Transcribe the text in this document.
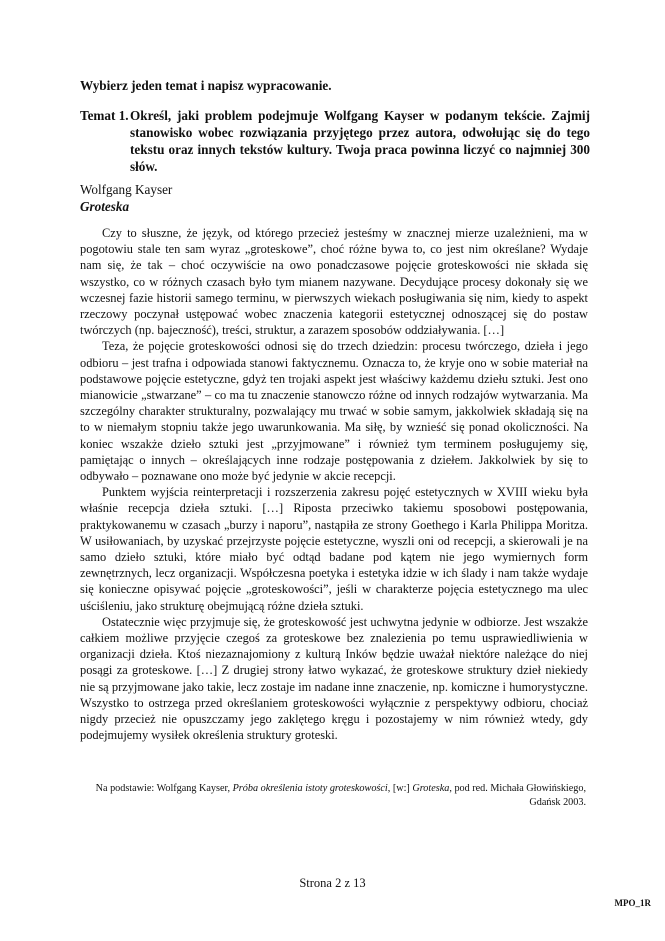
Wybierz jeden temat i napisz wypracowanie.
Temat 1. Określ, jaki problem podejmuje Wolfgang Kayser w podanym tekście. Zajmij stanowisko wobec rozwiązania przyjętego przez autora, odwołując się do tego tekstu oraz innych tekstów kultury. Twoja praca powinna liczyć co najmniej 300 słów.
Wolfgang Kayser
Groteska

Czy to słuszne, że język, od którego przecież jesteśmy w znacznej mierze uzależnieni, ma w pogotowiu stale ten sam wyraz „groteskowe”, choć różne bywa to, co jest nim określane? Wydaje nam się, że tak – choć oczywiście na owo ponadczasowe pojęcie groteskowości nie składa się wszystko, co w różnych czasach było tym mianem nazywane. Decydujące procesy dokonały się we wczesnej fazie historii samego terminu, w pierwszych wiekach posługiwania się nim, kiedy to aspekt rzeczowy poczynał ustępować wobec znaczenia kategorii estetycznej odnoszącej się do postaw twórczych (np. bajeczność), treści, struktur, a zarazem sposobów oddziaływania. […]

Teza, że pojęcie groteskowości odnosi się do trzech dziedzin: procesu twórczego, dzieła i jego odbioru – jest trafna i odpowiada stanowi faktycznemu. Oznacza to, że kryje ono w sobie materiał na podstawowe pojęcie estetyczne, gdyż ten trojaki aspekt jest właściwy każdemu dziełu sztuki. Jest ono mianowicie „stwarzane” – co ma tu znaczenie stanowczo różne od innych rodzajów wytwarzania. Ma szczególny charakter strukturalny, pozwalający mu trwać w sobie samym, jakkolwiek składają się na to w niemałym stopniu także jego uwarunkowania. Ma siłę, by wznieść się ponad okoliczności. Na koniec wszakże dzieło sztuki jest „przyjmowane” i również tym terminem posługujemy się, pamiętając o innych – określających inne rodzaje postępowania z dziełem. Jakkolwiek by się to odbywało – poznawane ono może być jedynie w akcie recepcji.

Punktem wyjścia reinterpretacji i rozszerzenia zakresu pojęć estetycznych w XVIII wieku była właśnie recepcja dzieła sztuki. […] Riposta przeciwko takiemu sposobowi postępowania, praktykowanemu w czasach „burzy i naporu”, nastąpiła ze strony Goethego i Karla Philippa Moritza. W usiłowaniach, by uzyskać przejrzyste pojęcie estetyczne, wyszli oni od recepcji, a skierowali je na samo dzieło sztuki, które miało być odtąd badane pod kątem nie jego wymiernych form zewnętrznych, lecz organizacji. Współczesna poetyka i estetyka idzie w ich ślady i nam także wydaje się konieczne opisywać pojęcie „groteskowości”, jeśli w charakterze pojęcia estetycznego ma ulec uściśleniu, jako strukturę obejmującą różne dzieła sztuki.

Ostatecznie więc przyjmuje się, że groteskowość jest uchwytna jedynie w odbiorze. Jest wszakże całkiem możliwe przyjęcie czegoś za groteskowe bez znalezienia po temu usprawiedliwienia w organizacji dzieła. Ktoś niezaznajomiony z kulturą Inków będzie uważał niektóre należące do niej posągi za groteskowe. […] Z drugiej strony łatwo wykazać, że groteskowe struktury dzieł niekiedy nie są przyjmowane jako takie, lecz zostaje im nadane inne znaczenie, np. komiczne i humorystyczne. Wszystko to ostrzega przed określaniem groteskowości wyłącznie z perspektywy odbioru, chociaż nigdy przecież nie opuszczamy jego zaklętego kręgu i pozostajemy w nim również wtedy, gdy podejmujemy wysiłek określenia struktury groteski.

Na podstawie: Wolfgang Kayser, Próba określenia istoty groteskowości, [w:] Groteska, pod red. Michała Głowińskiego, Gdańsk 2003.
Strona 2 z 13
MPO_1R
